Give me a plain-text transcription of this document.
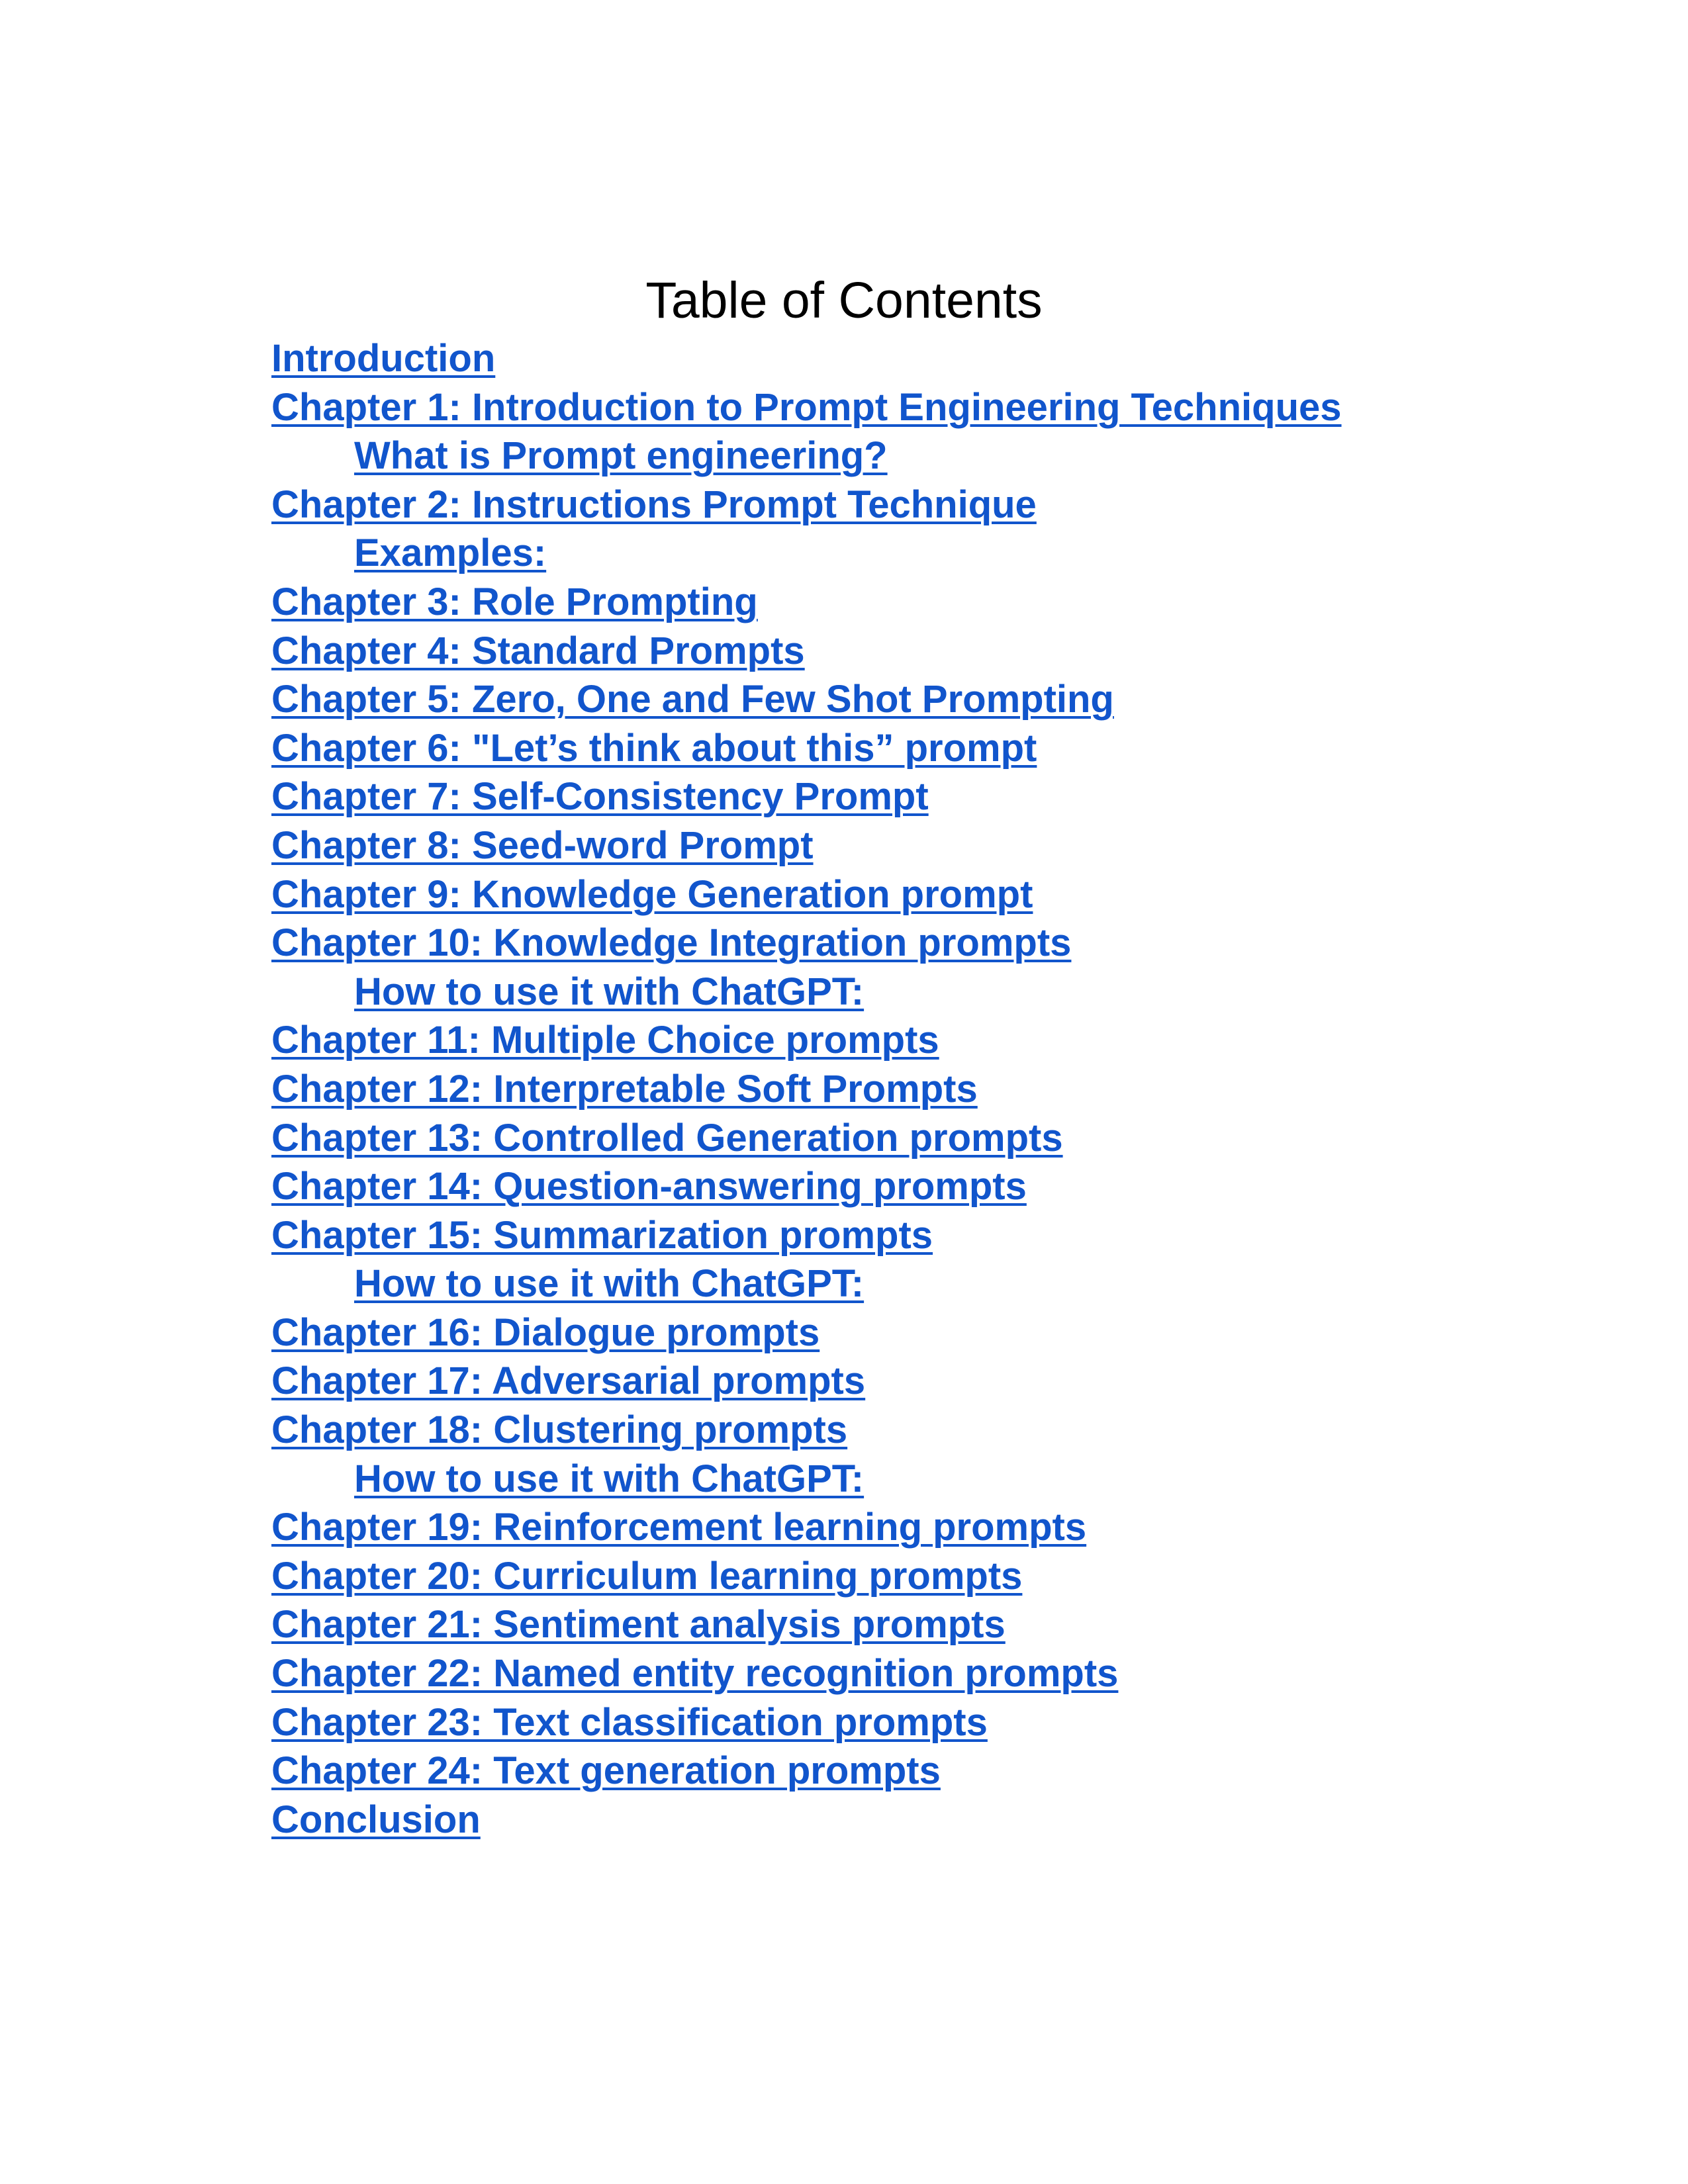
Table of Contents
Introduction
Chapter 1: Introduction to Prompt Engineering Techniques
What is Prompt engineering?
Chapter 2: Instructions Prompt Technique
Examples:
Chapter 3: Role Prompting
Chapter 4: Standard Prompts
Chapter 5: Zero, One and Few Shot Prompting
Chapter 6: "Let’s think about this” prompt
Chapter 7: Self-Consistency Prompt
Chapter 8: Seed-word Prompt
Chapter 9: Knowledge Generation prompt
Chapter 10: Knowledge Integration prompts
How to use it with ChatGPT:
Chapter 11: Multiple Choice prompts
Chapter 12: Interpretable Soft Prompts
Chapter 13: Controlled Generation prompts
Chapter 14: Question-answering prompts
Chapter 15: Summarization prompts
How to use it with ChatGPT:
Chapter 16: Dialogue prompts
Chapter 17: Adversarial prompts
Chapter 18: Clustering prompts
How to use it with ChatGPT:
Chapter 19: Reinforcement learning prompts
Chapter 20: Curriculum learning prompts
Chapter 21: Sentiment analysis prompts
Chapter 22: Named entity recognition prompts
Chapter 23: Text classification prompts
Chapter 24: Text generation prompts
Conclusion
